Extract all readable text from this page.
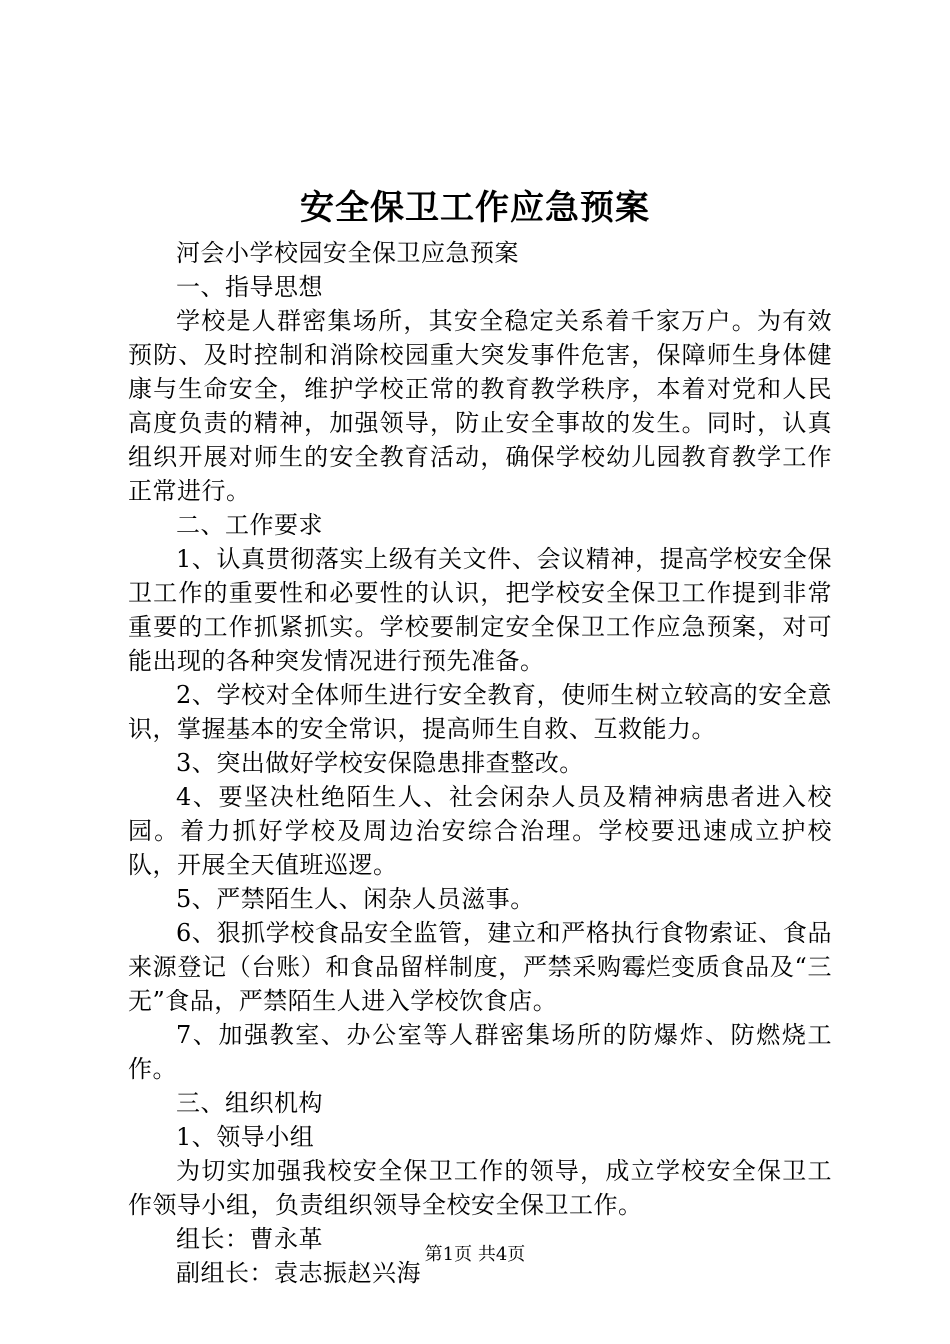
安全保卫工作应急预案

河会小学校园安全保卫应急预案

一、指导思想

学校是人群密集场所，其安全稳定关系着千家万户。为有效预防、及时控制和消除校园重大突发事件危害，保障师生身体健康与生命安全，维护学校正常的教育教学秩序，本着对党和人民高度负责的精神，加强领导，防止安全事故的发生。同时，认真组织开展对师生的安全教育活动，确保学校幼儿园教育教学工作正常进行。

二、工作要求

1、认真贯彻落实上级有关文件、会议精神，提高学校安全保卫工作的重要性和必要性的认识，把学校安全保卫工作提到非常重要的工作抓紧抓实。学校要制定安全保卫工作应急预案，对可能出现的各种突发情况进行预先准备。

2、学校对全体师生进行安全教育，使师生树立较高的安全意识，掌握基本的安全常识，提高师生自救、互救能力。

3、突出做好学校安保隐患排查整改。

4、要坚决杜绝陌生人、社会闲杂人员及精神病患者进入校园。着力抓好学校及周边治安综合治理。学校要迅速成立护校队，开展全天值班巡逻。

5、严禁陌生人、闲杂人员滋事。

6、狠抓学校食品安全监管，建立和严格执行食物索证、食品来源登记（台账）和食品留样制度，严禁采购霉烂变质食品及“三无”食品，严禁陌生人进入学校饮食店。

7、加强教室、办公室等人群密集场所的防爆炸、防燃烧工作。

三、组织机构

1、领导小组

为切实加强我校安全保卫工作的领导，成立学校安全保卫工作领导小组，负责组织领导全校安全保卫工作。

组长：曹永革

副组长：袁志振赵兴海

第1页 共4页
